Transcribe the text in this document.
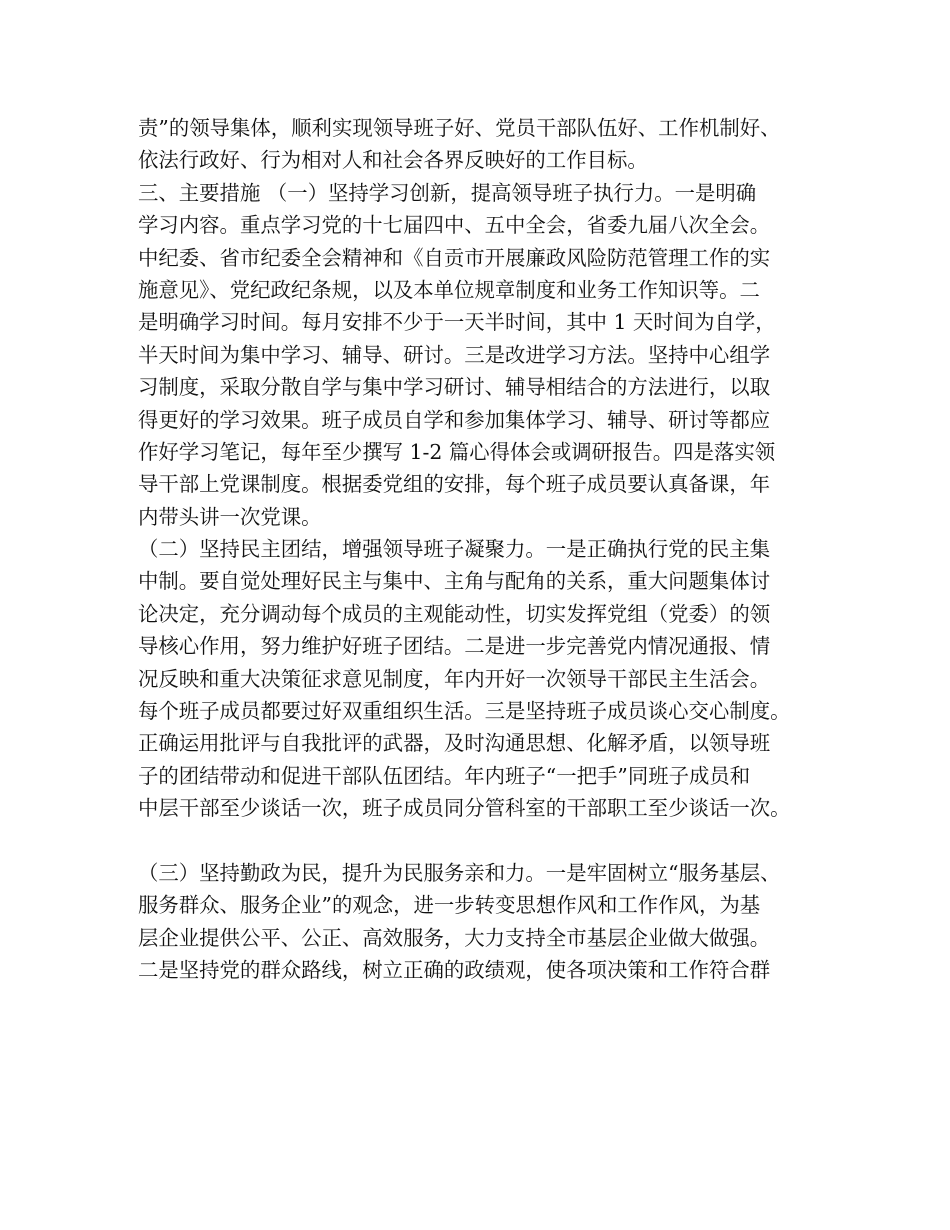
责”的领导集体，顺利实现领导班子好、党员干部队伍好、工作机制好、
依法行政好、行为相对人和社会各界反映好的工作目标。
三、主要措施 （一）坚持学习创新，提高领导班子执行力。一是明确
学习内容。重点学习党的十七届四中、五中全会，省委九届八次全会。
中纪委、省市纪委全会精神和《自贡市开展廉政风险防范管理工作的实
施意见》、党纪政纪条规，以及本单位规章制度和业务工作知识等。二
是明确学习时间。每月安排不少于一天半时间，其中 1 天时间为自学，
半天时间为集中学习、辅导、研讨。三是改进学习方法。坚持中心组学
习制度，采取分散自学与集中学习研讨、辅导相结合的方法进行，以取
得更好的学习效果。班子成员自学和参加集体学习、辅导、研讨等都应
作好学习笔记，每年至少撰写 1-2 篇心得体会或调研报告。四是落实领
导干部上党课制度。根据委党组的安排，每个班子成员要认真备课，年
内带头讲一次党课。
（二）坚持民主团结，增强领导班子凝聚力。一是正确执行党的民主集
中制。要自觉处理好民主与集中、主角与配角的关系，重大问题集体讨
论决定，充分调动每个成员的主观能动性，切实发挥党组（党委）的领
导核心作用，努力维护好班子团结。二是进一步完善党内情况通报、情
况反映和重大决策征求意见制度，年内开好一次领导干部民主生活会。
每个班子成员都要过好双重组织生活。三是坚持班子成员谈心交心制度。
正确运用批评与自我批评的武器，及时沟通思想、化解矛盾，以领导班
子的团结带动和促进干部队伍团结。年内班子“一把手”同班子成员和
中层干部至少谈话一次，班子成员同分管科室的干部职工至少谈话一次。
（三）坚持勤政为民，提升为民服务亲和力。一是牢固树立“服务基层、
服务群众、服务企业”的观念，进一步转变思想作风和工作作风，为基
层企业提供公平、公正、高效服务，大力支持全市基层企业做大做强。
二是坚持党的群众路线，树立正确的政绩观，使各项决策和工作符合群
